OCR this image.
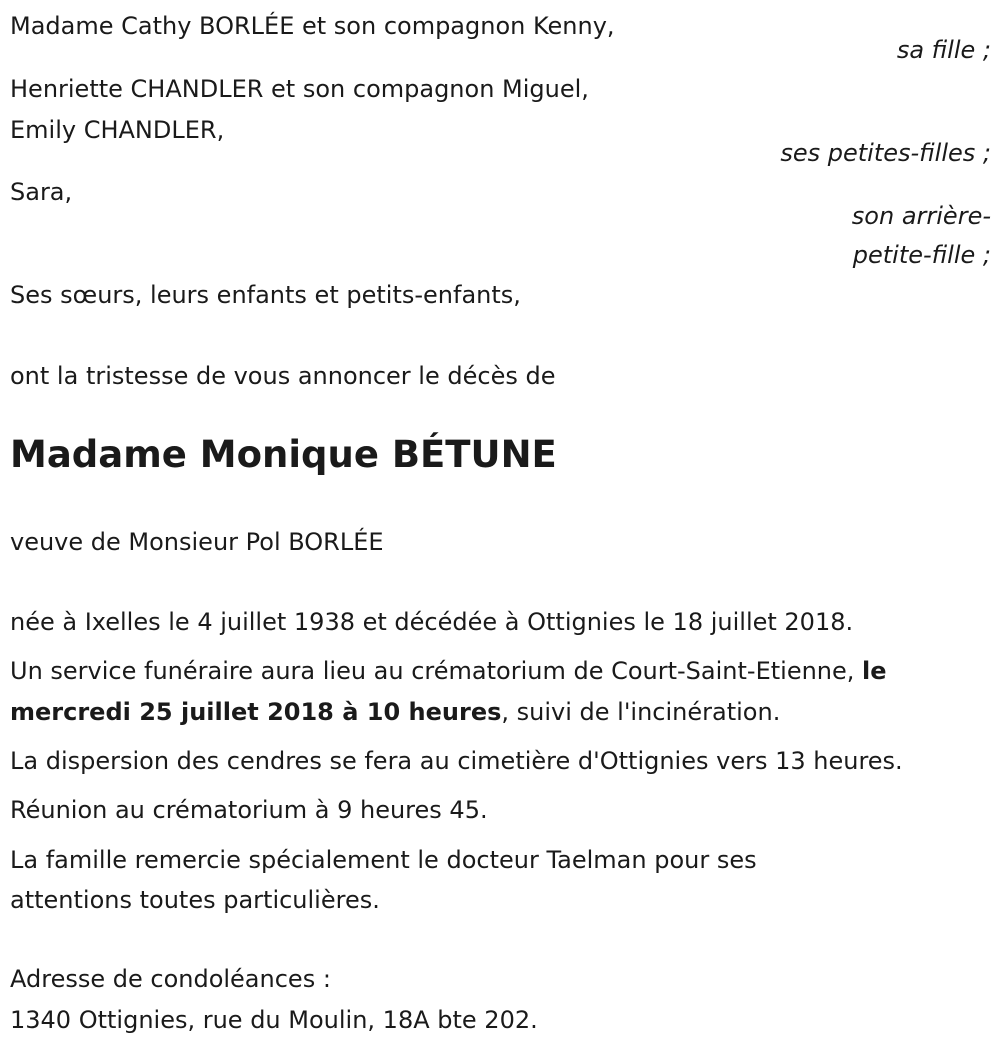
Madame Cathy BORLÉE et son compagnon Kenny,

sa fille ;

Henriette CHANDLER et son compagnon Miguel,

Emily CHANDLER,

ses petites-filles ;

Sara,

son arrière-

petite-fille ;

Ses sœurs, leurs enfants et petits-enfants,

ont la tristesse de vous annoncer le décès de

Madame Monique BÉTUNE

veuve de Monsieur Pol BORLÉE

née à Ixelles le 4 juillet 1938 et décédée à Ottignies le 18 juillet 2018.

Un service funéraire aura lieu au crématorium de Court-Saint-Etienne, le

mercredi 25 juillet 2018 à 10 heures, suivi de l'incinération.

La dispersion des cendres se fera au cimetière d'Ottignies vers 13 heures.

Réunion au crématorium à 9 heures 45.

La famille remercie spécialement le docteur Taelman pour ses

attentions toutes particulières.

Adresse de condoléances :

1340 Ottignies, rue du Moulin, 18A bte 202.
